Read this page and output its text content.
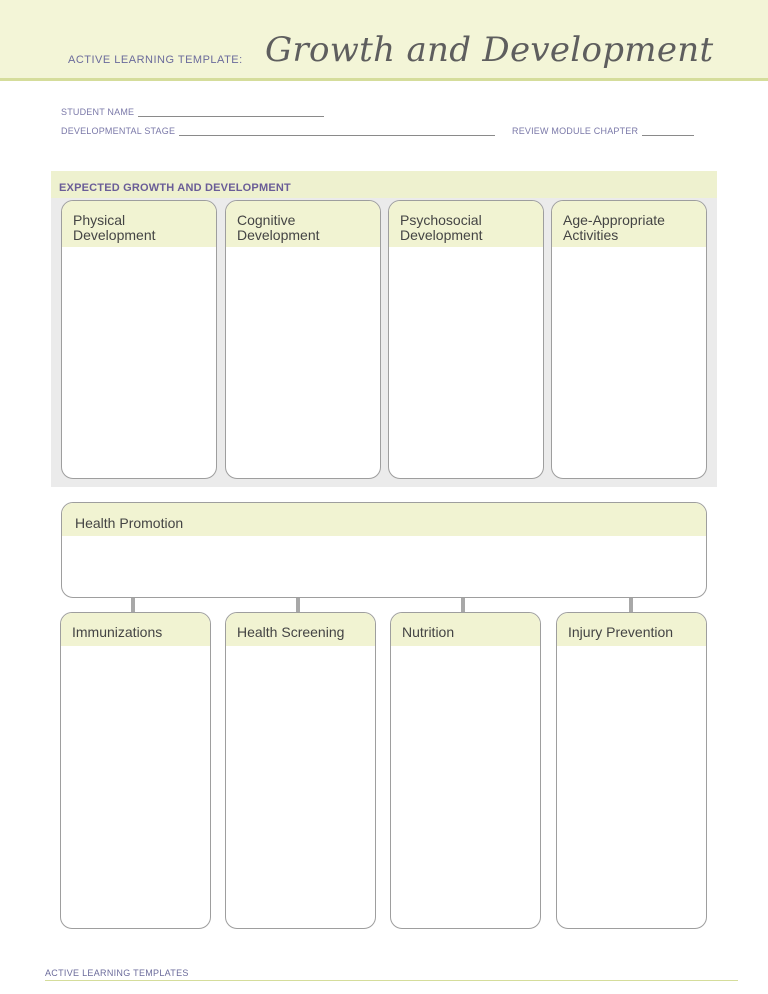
ACTIVE LEARNING TEMPLATE: Growth and Development
STUDENT NAME
DEVELOPMENTAL STAGE	REVIEW MODULE CHAPTER
EXPECTED GROWTH AND DEVELOPMENT
Physical
Development
Cognitive
Development
Psychosocial
Development
Age-Appropriate
Activities
Health Promotion
Immunizations	Health Screening	Nutrition	Injury Prevention
ACTIVE LEARNING TEMPLATES
